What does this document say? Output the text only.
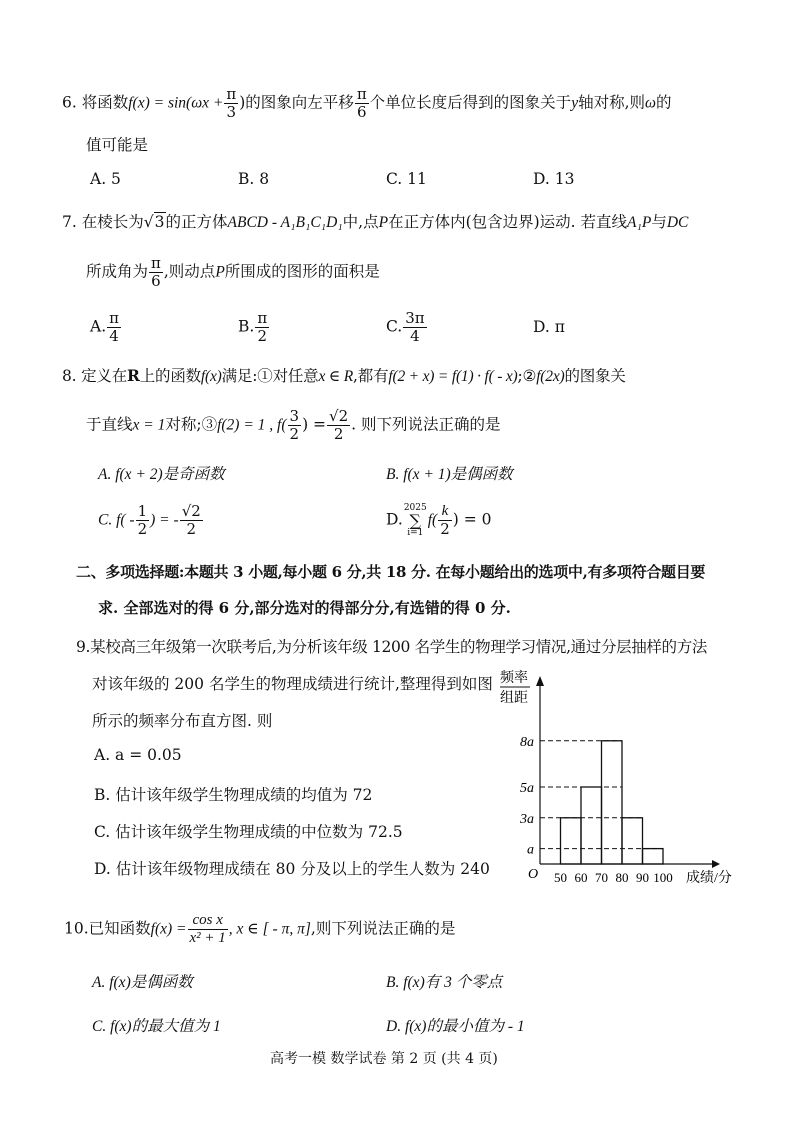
6. 将函数$f(x) = \sin(\omega x + \frac{\pi}{3}$ )的图象向左平移 $\frac{\pi}{6}$ 个单位长度后得到的图象关于y轴对称,则ω的
值可能是
A. 5	B. 8	C. 11	D. 13
7. 在棱长为√3的正方体ABCD - A₁B₁C₁D₁中,点P在正方体内(包含边界)运动. 若直线A₁P与DC
所成角为 $\frac{\pi}{6}$ ,则动点P所围成的图形的面积是
A. $\frac{\pi}{4}$	B. $\frac{\pi}{2}$	C. $\frac{3\pi}{4}$	D. π
8. 定义在R上的函数f(x)满足:①对任意x ∈ R,都有f(2 + x) = f(1) · f( - x);②f(2x)的图象关
于直线x = 1对称;③f(2) = 1 , $f( \frac{3}{2}$ ) = $\frac{√2}{2}$ . 则下列说法正确的是
A. f(x + 2)是奇函数	B. f(x + 1)是偶函数
C. $f( - \frac{1}{2}$ ) = - $\frac{√2}{2}$	D.
2025
∑
i=1
$f( \frac{k}{2}$ ) = 0
二、多项选择题:本题共 3 小题,每小题 6 分,共 18 分. 在每小题给出的选项中,有多项符合题目要
求. 全部选对的得 6 分,部分选对的得部分分,有选错的得 0 分.
9.某校高三年级第一次联考后,为分析该年级 1200 名学生的物理学习情况,通过分层抽样的方法
对该年级的 200 名学生的物理成绩进行统计,整理得到如图
所示的频率分布直方图. 则
A. a = 0.05
B. 估计该年级学生物理成绩的均值为 72
C. 估计该年级学生物理成绩的中位数为 72.5
D. 估计该年级物理成绩在 80 分及以上的学生人数为 240	O
频率
组距
成绩/分
50 60 70 80 90 100
8a
5a
3a
a
10.已知函数$f(x) = \frac{\text{cos x}}{\text{x² + 1}}$ , x ∈ [ - π, π],则下列说法正确的是
A. f(x)是偶函数	B. f(x)有 3 个零点
C. f(x)的最大值为 1	D. f(x)的最小值为 - 1
高考一模 数学试卷 第 2 页 (共 4 页)
